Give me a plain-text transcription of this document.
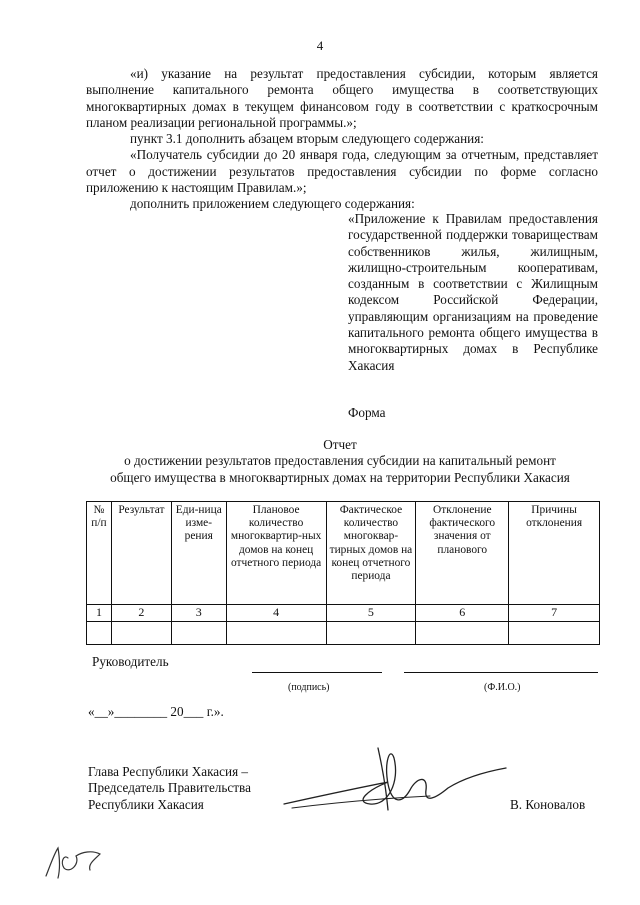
4

«и) указание на результат предоставления субсидии, которым является выполнение капитального ремонта общего имущества в соответствующих многоквартирных домах в текущем финансовом году в соответствии с краткосрочным планом реализации региональной программы.»;

пункт 3.1 дополнить абзацем вторым следующего содержания:

«Получатель субсидии до 20 января года, следующим за отчетным, представляет отчет о достижении результатов предоставления субсидии по форме согласно приложению к настоящим Правилам.»;

дополнить приложением следующего содержания:

«Приложение к Правилам предоставления государственной поддержки товариществам собственников жилья, жилищным, жилищно-строительным кооперативам, созданным в соответствии с Жилищным кодексом Российской Федерации, управляющим организациям на проведение капитального ремонта общего имущества в многоквартирных домах в Республике Хакасия
Форма
Отчет
о достижении результатов предоставления субсидии на капитальный ремонт
общего имущества в многоквартирных домах на территории Республики Хакасия
№ п/п	Результат	Еди-ница изме-рения	Плановое количество многоквартир-ных домов на конец отчетного периода	Фактическое количество многоквар-тирных домов на конец отчетного периода	Отклонение фактического значения от планового	Причины отклонения
1	2	3	4	5	6	7

Руководитель
(подпись)	(Ф.И.О.)
«__»________ 20___ г.».
Глава Республики Хакасия –
Председатель Правительства
Республики Хакасия	В. Коновалов
